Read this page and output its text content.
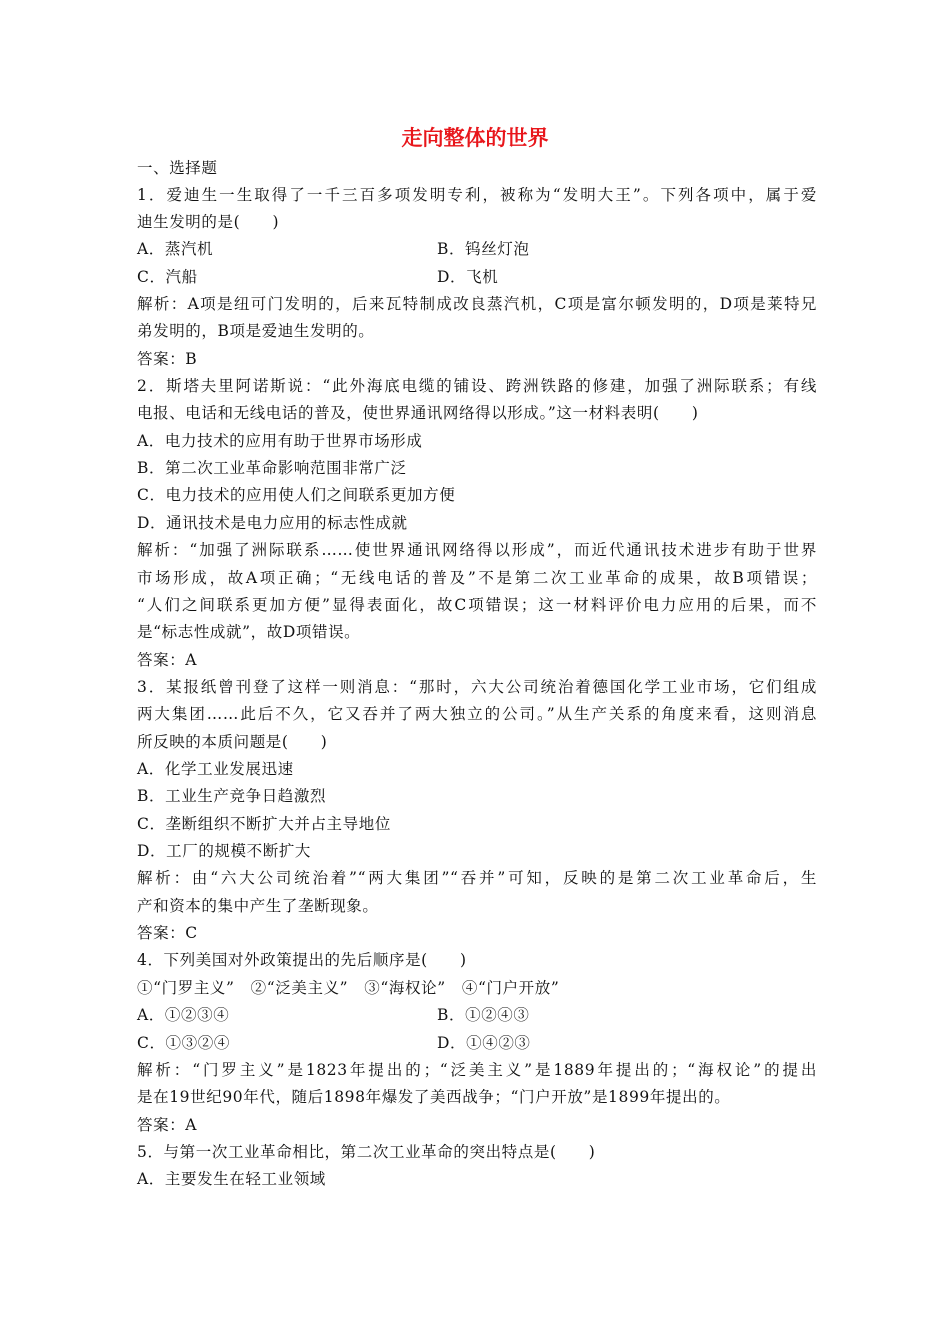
走向整体的世界
一、选择题
1．爱迪生一生取得了一千三百多项发明专利，被称为“发明大王”。下列各项中，属于爱
迪生发明的是(　　)
A．蒸汽机	B．钨丝灯泡
C．汽船	D．飞机
解析：A项是纽可门发明的，后来瓦特制成改良蒸汽机，C项是富尔顿发明的，D项是莱特兄
弟发明的，B项是爱迪生发明的。
答案：B
2．斯塔夫里阿诺斯说：“此外海底电缆的铺设、跨洲铁路的修建，加强了洲际联系；有线
电报、电话和无线电话的普及，使世界通讯网络得以形成。”这一材料表明(　　)
A．电力技术的应用有助于世界市场形成
B．第二次工业革命影响范围非常广泛
C．电力技术的应用使人们之间联系更加方便
D．通讯技术是电力应用的标志性成就
解析：“加强了洲际联系……使世界通讯网络得以形成”，而近代通讯技术进步有助于世界
市场形成，故A项正确；“无线电话的普及”不是第二次工业革命的成果，故B项错误；
“人们之间联系更加方便”显得表面化，故C项错误；这一材料评价电力应用的后果，而不
是“标志性成就”，故D项错误。
答案：A
3．某报纸曾刊登了这样一则消息：“那时，六大公司统治着德国化学工业市场，它们组成
两大集团……此后不久，它又吞并了两大独立的公司。”从生产关系的角度来看，这则消息
所反映的本质问题是(　　)
A．化学工业发展迅速
B．工业生产竞争日趋激烈
C．垄断组织不断扩大并占主导地位
D．工厂的规模不断扩大
解析：由“六大公司统治着”“两大集团”“吞并”可知，反映的是第二次工业革命后，生
产和资本的集中产生了垄断现象。
答案：C
4．下列美国对外政策提出的先后顺序是(　　)
①“门罗主义”　②“泛美主义”　③“海权论”　④“门户开放”
A．①②③④	B．①②④③
C．①③②④	D．①④②③
解析：“门罗主义”是1823年提出的；“泛美主义”是1889年提出的；“海权论”的提出
是在19世纪90年代，随后1898年爆发了美西战争；“门户开放”是1899年提出的。
答案：A
5．与第一次工业革命相比，第二次工业革命的突出特点是(　　)
A．主要发生在轻工业领域
